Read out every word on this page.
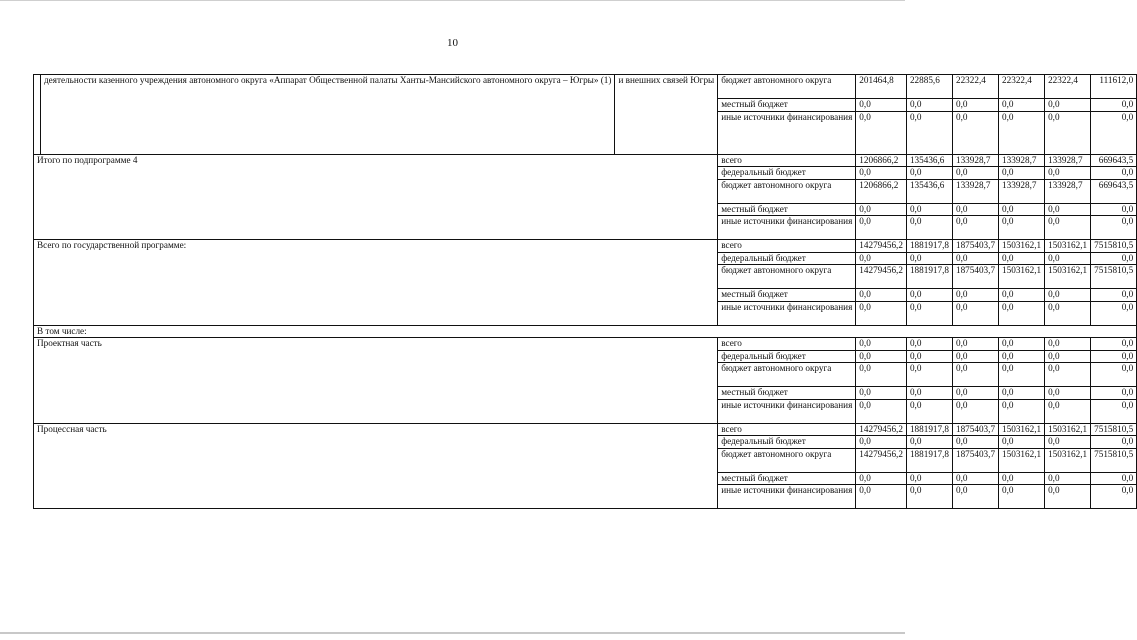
10
	деятельности казенного учреждения автономного округа «Аппарат Общественной палаты Ханты-Мансийского автономного округа – Югры» (1)	и внешних связей Югры	бюджет автономного округа	201464,8	22885,6	22322,4	22322,4	22322,4	111612,0
			местный бюджет	0,0	0,0	0,0	0,0	0,0	0,0
			иные источники финансирования	0,0	0,0	0,0	0,0	0,0	0,0
Итого по подпрограмме 4			всего	1206866,2	135436,6	133928,7	133928,7	133928,7	669643,5
			федеральный бюджет	0,0	0,0	0,0	0,0	0,0	0,0
			бюджет автономного округа	1206866,2	135436,6	133928,7	133928,7	133928,7	669643,5
			местный бюджет	0,0	0,0	0,0	0,0	0,0	0,0
			иные источники финансирования	0,0	0,0	0,0	0,0	0,0	0,0
Всего по государственной программе:			всего	14279456,2	1881917,8	1875403,7	1503162,1	1503162,1	7515810,5
			федеральный бюджет	0,0	0,0	0,0	0,0	0,0	0,0
			бюджет автономного округа	14279456,2	1881917,8	1875403,7	1503162,1	1503162,1	7515810,5
			местный бюджет	0,0	0,0	0,0	0,0	0,0	0,0
			иные источники финансирования	0,0	0,0	0,0	0,0	0,0	0,0
В том числе:									
Проектная часть			всего	0,0	0,0	0,0	0,0	0,0	0,0
			федеральный бюджет	0,0	0,0	0,0	0,0	0,0	0,0
			бюджет автономного округа	0,0	0,0	0,0	0,0	0,0	0,0
			местный бюджет	0,0	0,0	0,0	0,0	0,0	0,0
			иные источники финансирования	0,0	0,0	0,0	0,0	0,0	0,0
Процессная часть			всего	14279456,2	1881917,8	1875403,7	1503162,1	1503162,1	7515810,5
			федеральный бюджет	0,0	0,0	0,0	0,0	0,0	0,0
			бюджет автономного округа	14279456,2	1881917,8	1875403,7	1503162,1	1503162,1	7515810,5
			местный бюджет	0,0	0,0	0,0	0,0	0,0	0,0
			иные источники финансирования	0,0	0,0	0,0	0,0	0,0	0,0
